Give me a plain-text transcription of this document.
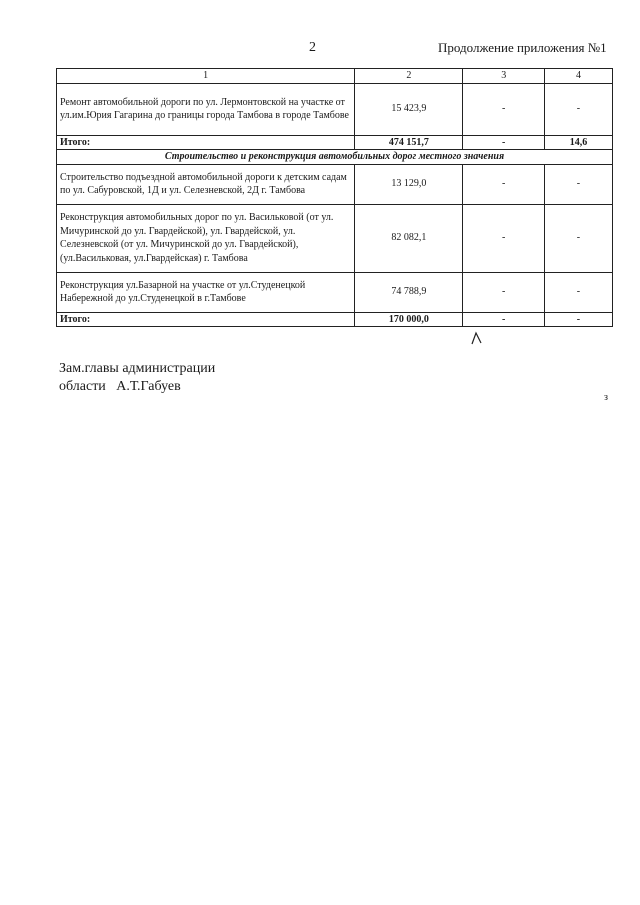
2	Продолжение приложения №1
1	2	3	4
Ремонт автомобильной дороги по ул. Лермонтовской на участке от ул.им.Юрия Гагарина до границы города Тамбова в городе Тамбове	15 423,9	-	-
Итого:	474 151,7	-	14,6
Строительство и реконструкция автомобильных дорог местного значения			
Строительство подъездной автомобильной дороги к детским садам по ул. Сабуровской, 1Д и ул. Селезневской, 2Д г. Тамбова	13 129,0	-	-
Реконструкция автомобильных дорог по ул. Васильковой (от ул. Мичуринской до ул. Гвардейской), ул. Гвардейской, ул. Селезневской (от ул. Мичуринской до ул. Гвардейской), (ул.Васильковая, ул.Гвардейская) г. Тамбова	82 082,1	-	-
Реконструкция ул.Базарной на участке от ул.Студенецкой Набережной до ул.Студенецкой в г.Тамбове	74 788,9	-	-
Итого:	170 000,0	-	-
Зам.главы администрации
области   А.Т.Габуев
з
